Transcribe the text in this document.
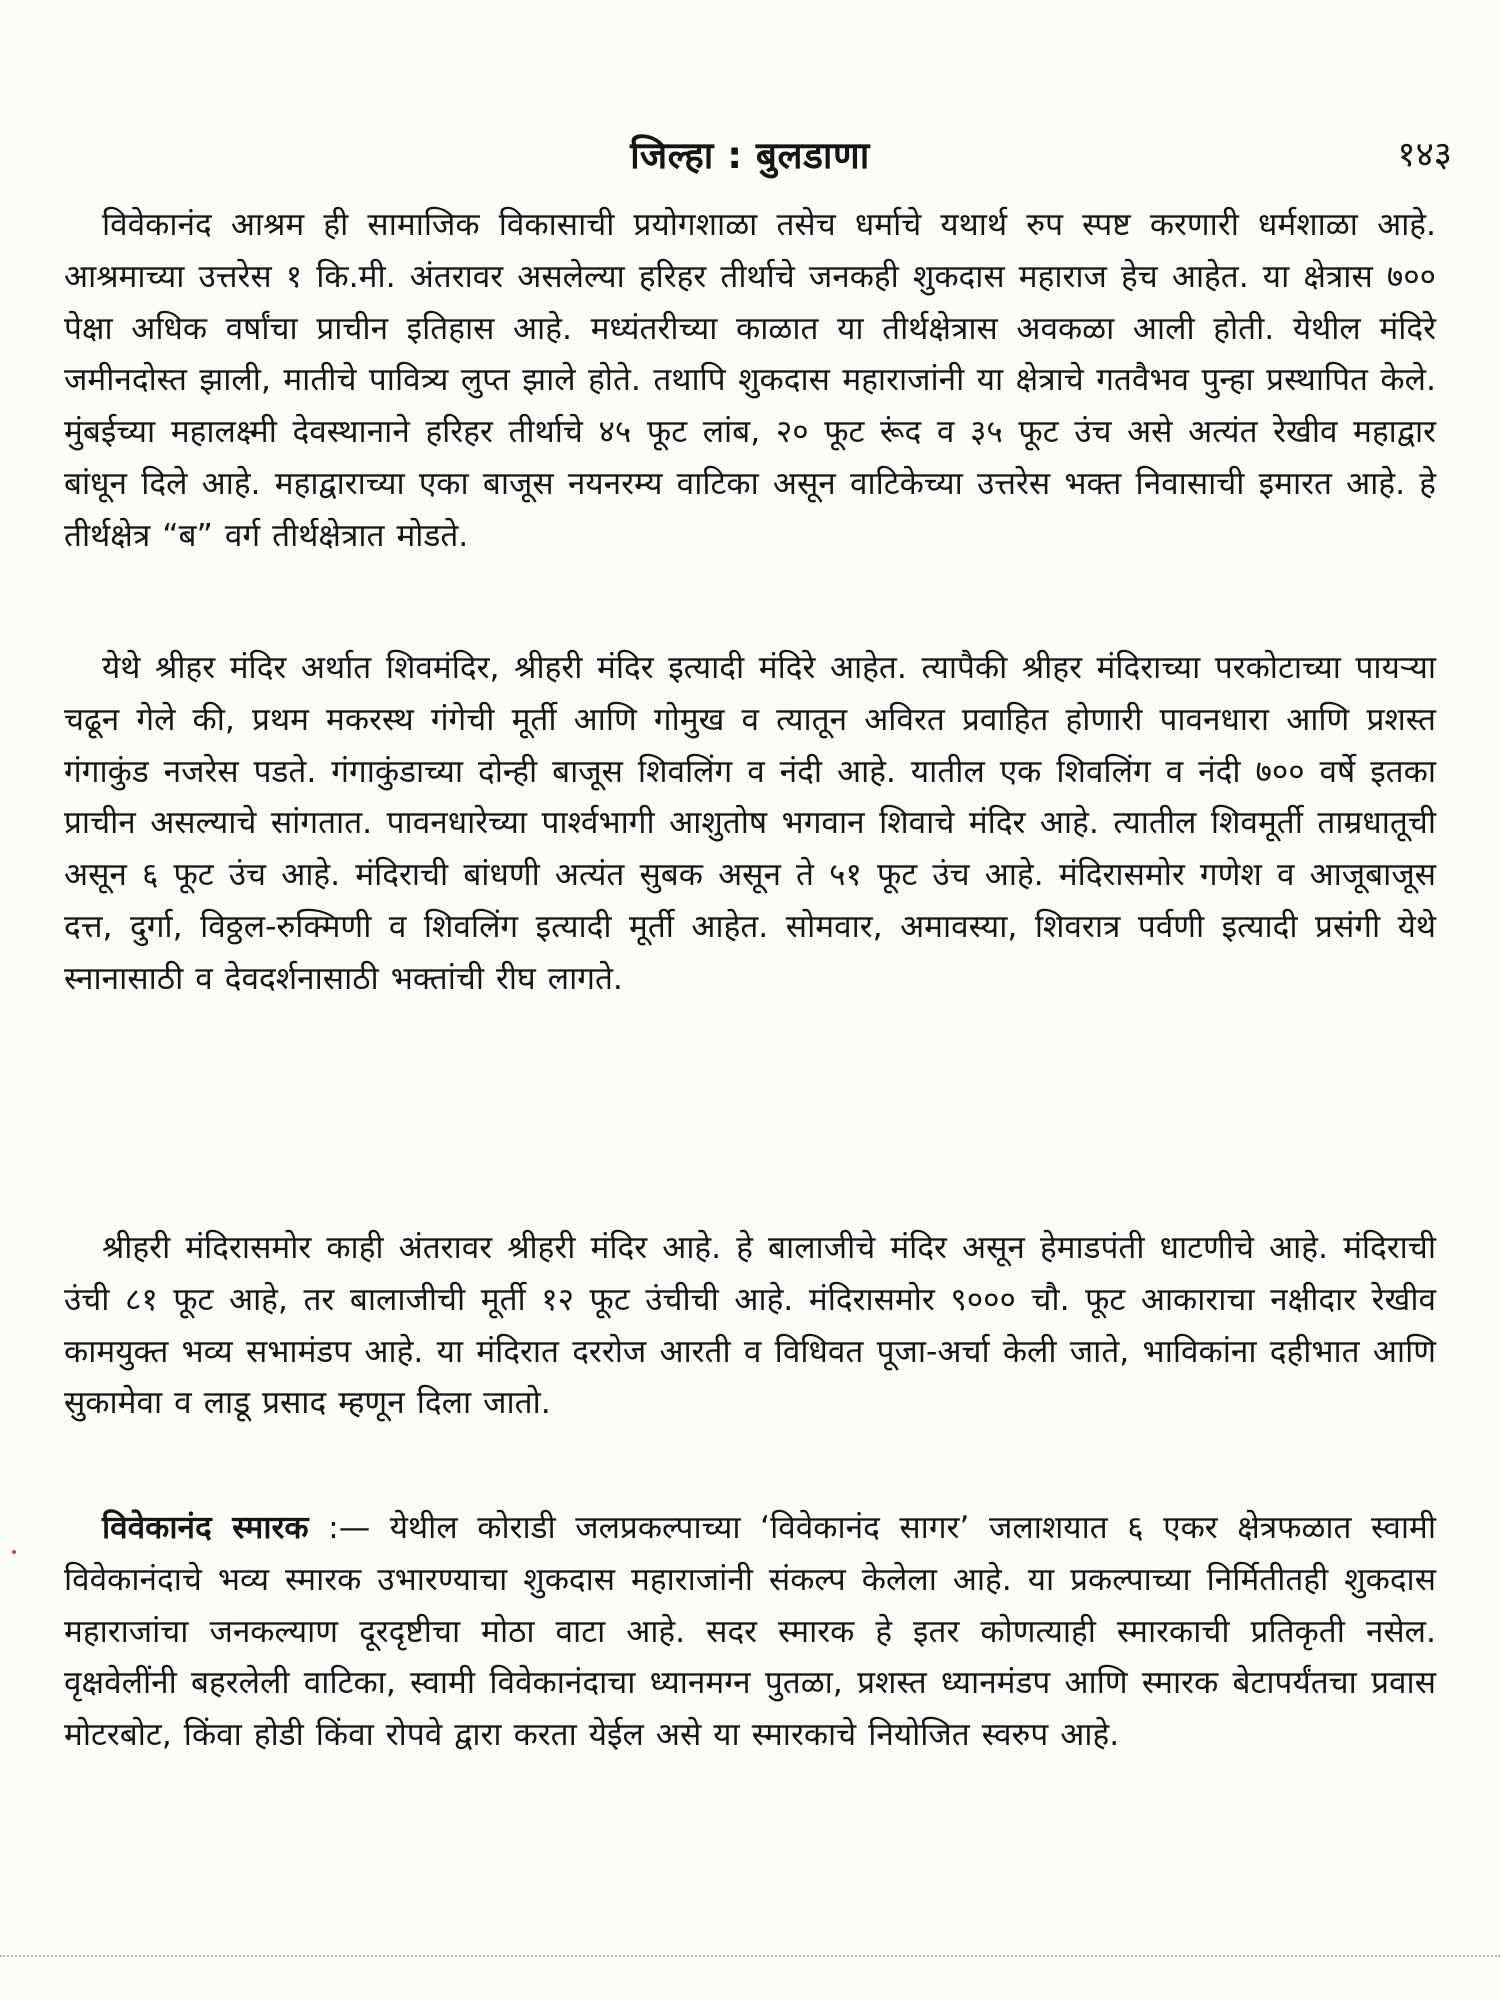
जिल्हा : बुलडाणा	१४३
विवेकानंद आश्रम ही सामाजिक विकासाची प्रयोगशाळा तसेच धर्माचे यथार्थ रुप स्पष्ट करणारी धर्मशाळा आहे. आश्रमाच्या उत्तरेस १ कि.मी. अंतरावर असलेल्या हरिहर तीर्थाचे जनकही शुकदास महाराज हेच आहेत. या क्षेत्रास ७०० पेक्षा अधिक वर्षांचा प्राचीन इतिहास आहे. मध्यंतरीच्या काळात या तीर्थक्षेत्रास अवकळा आली होती. येथील मंदिरे जमीनदोस्त झाली, मातीचे पावित्र्य लुप्त झाले होते. तथापि शुकदास महाराजांनी या क्षेत्राचे गतवैभव पुन्हा प्रस्थापित केले. मुंबईच्या महालक्ष्मी देवस्थानाने हरिहर तीर्थाचे ४५ फूट लांब, २० फूट रूंद व ३५ फूट उंच असे अत्यंत रेखीव महाद्वार बांधून दिले आहे. महाद्वाराच्या एका बाजूस नयनरम्य वाटिका असून वाटिकेच्या उत्तरेस भक्त निवासाची इमारत आहे. हे तीर्थक्षेत्र “ब” वर्ग तीर्थक्षेत्रात मोडते.
येथे श्रीहर मंदिर अर्थात शिवमंदिर, श्रीहरी मंदिर इत्यादी मंदिरे आहेत. त्यापैकी श्रीहर मंदिराच्या परकोटाच्या पायऱ्या चढून गेले की, प्रथम मकरस्थ गंगेची मूर्ती आणि गोमुख व त्यातून अविरत प्रवाहित होणारी पावनधारा आणि प्रशस्त गंगाकुंड नजरेस पडते. गंगाकुंडाच्या दोन्ही बाजूस शिवलिंग व नंदी आहे. यातील एक शिवलिंग व नंदी ७०० वर्षे इतका प्राचीन असल्याचे सांगतात. पावनधारेच्या पार्श्वभागी आशुतोष भगवान शिवाचे मंदिर आहे. त्यातील शिवमूर्ती ताम्रधातूची असून ६ फूट उंच आहे. मंदिराची बांधणी अत्यंत सुबक असून ते ५१ फूट उंच आहे. मंदिरासमोर गणेश व आजूबाजूस दत्त, दुर्गा, विठ्ठल-रुक्मिणी व शिवलिंग इत्यादी मूर्ती आहेत. सोमवार, अमावस्या, शिवरात्र पर्वणी इत्यादी प्रसंगी येथे स्नानासाठी व देवदर्शनासाठी भक्तांची रीघ लागते.
श्रीहरी मंदिरासमोर काही अंतरावर श्रीहरी मंदिर आहे. हे बालाजीचे मंदिर असून हेमाडपंती धाटणीचे आहे. मंदिराची उंची ८१ फूट आहे, तर बालाजीची मूर्ती १२ फूट उंचीची आहे. मंदिरासमोर ९००० चौ. फूट आकाराचा नक्षीदार रेखीव कामयुक्त भव्य सभामंडप आहे. या मंदिरात दररोज आरती व विधिवत पूजा-अर्चा केली जाते, भाविकांना दहीभात आणि सुकामेवा व लाडू प्रसाद म्हणून दिला जातो.
विवेकानंद स्मारक :— येथील कोराडी जलप्रकल्पाच्या ‘विवेकानंद सागर’ जलाशयात ६ एकर क्षेत्रफळात स्वामी विवेकानंदाचे भव्य स्मारक उभारण्याचा शुकदास महाराजांनी संकल्प केलेला आहे. या प्रकल्पाच्या निर्मितीतही शुकदास महाराजांचा जनकल्याण दूरदृष्टीचा मोठा वाटा आहे. सदर स्मारक हे इतर कोणत्याही स्मारकाची प्रतिकृती नसेल. वृक्षवेलींनी बहरलेली वाटिका, स्वामी विवेकानंदाचा ध्यानमग्न पुतळा, प्रशस्त ध्यानमंडप आणि स्मारक बेटापर्यंतचा प्रवास मोटरबोट, किंवा होडी किंवा रोपवे द्वारा करता येईल असे या स्मारकाचे नियोजित स्वरुप आहे.
